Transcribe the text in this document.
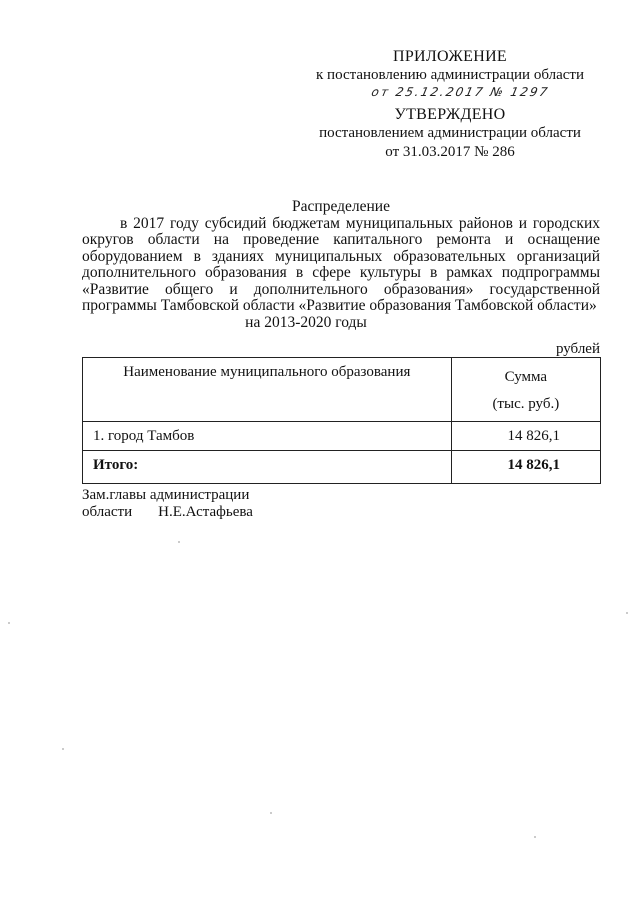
ПРИЛОЖЕНИЕ
к постановлению администрации области
от 25.12.2017 № 1297
УТВЕРЖДЕНО
постановлением администрации области
от 31.03.2017 № 286
Распределение
в 2017 году субсидий бюджетам муниципальных районов и городских
округов области на проведение капитального ремонта и оснащение
оборудованием в зданиях муниципальных образовательных организаций
дополнительного образования в сфере культуры в рамках подпрограммы
«Развитие общего и дополнительного образования» государственной
программы Тамбовской области «Развитие образования Тамбовской области»
на 2013-2020 годы
рублей
Наименование муниципального образования	Сумма
(тыс. руб.)

1. город Тамбов	14 826,1
Итого:	14 826,1
Зам.главы администрации
области Н.Е.Астафьева
